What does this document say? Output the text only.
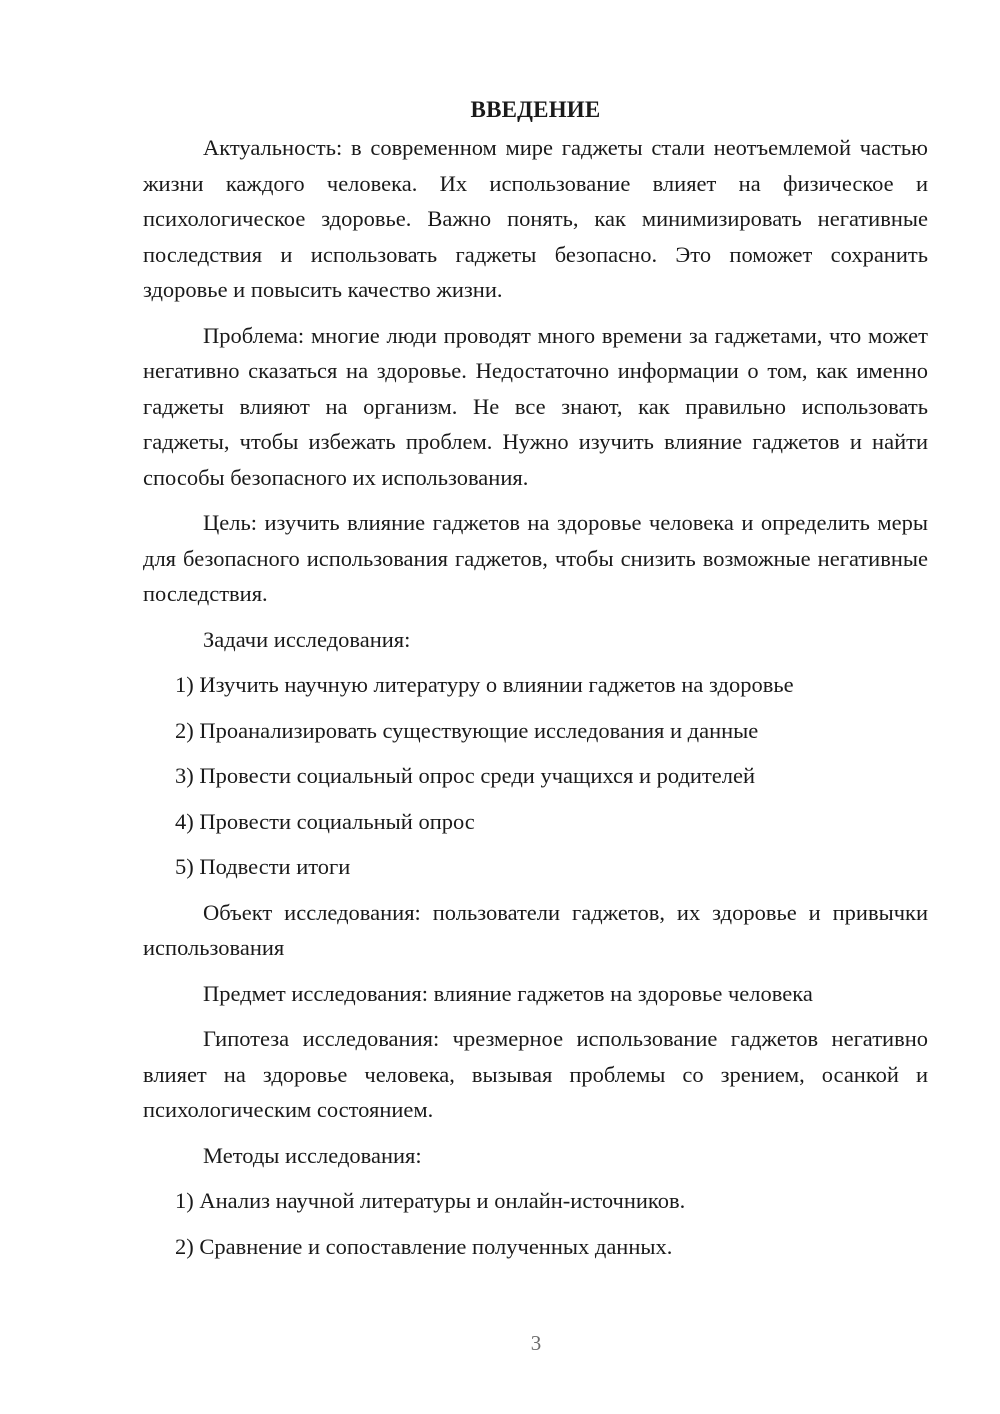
ВВЕДЕНИЕ

Актуальность: в современном мире гаджеты стали неотъемлемой частью жизни каждого человека. Их использование влияет на физическое и психологическое здоровье. Важно понять, как минимизировать негативные последствия и использовать гаджеты безопасно. Это поможет сохранить здоровье и повысить качество жизни.

Проблема: многие люди проводят много времени за гаджетами, что может негативно сказаться на здоровье. Недостаточно информации о том, как именно гаджеты влияют на организм. Не все знают, как правильно использовать гаджеты, чтобы избежать проблем. Нужно изучить влияние гаджетов и найти способы безопасного их использования.

Цель: изучить влияние гаджетов на здоровье человека и определить меры для безопасного использования гаджетов, чтобы снизить возможные негативные последствия.

Задачи исследования:

1) Изучить научную литературу о влиянии гаджетов на здоровье

2) Проанализировать существующие исследования и данные

3) Провести социальный опрос среди учащихся и родителей

4) Провести социальный опрос

5) Подвести итоги

Объект исследования: пользователи гаджетов, их здоровье и привычки использования

Предмет исследования: влияние гаджетов на здоровье человека

Гипотеза исследования: чрезмерное использование гаджетов негативно влияет на здоровье человека, вызывая проблемы со зрением, осанкой и психологическим состоянием.

Методы исследования:

1) Анализ научной литературы и онлайн-источников.

2) Сравнение и сопоставление полученных данных.

3
